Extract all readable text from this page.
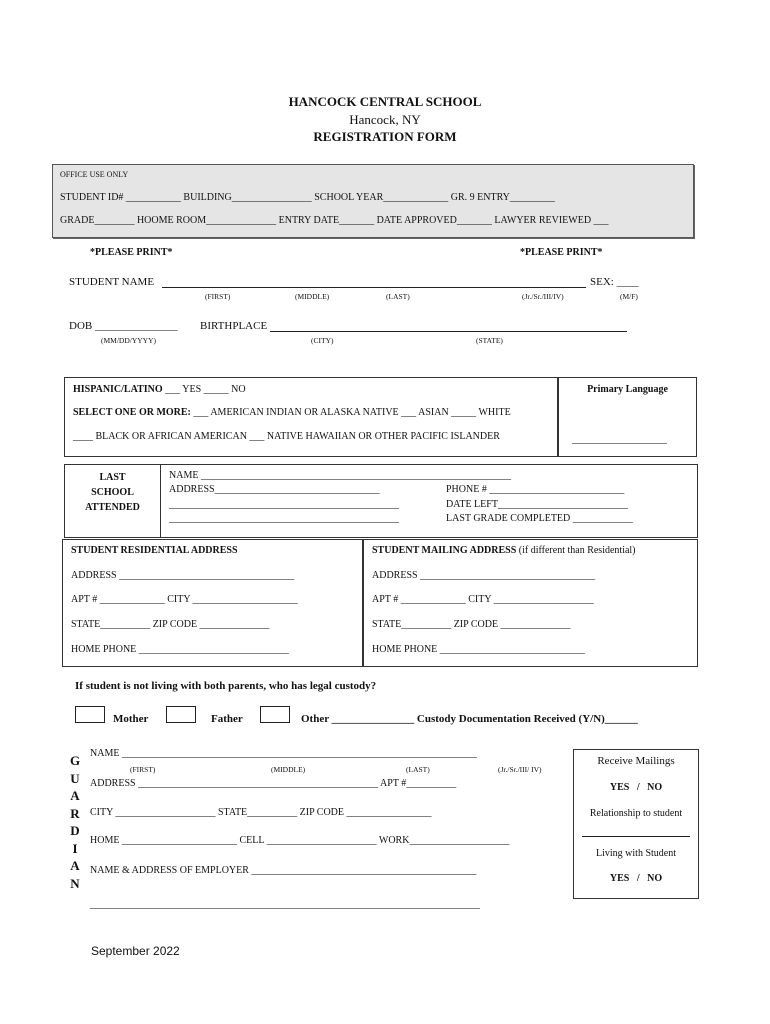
HANCOCK CENTRAL SCHOOL
Hancock, NY
REGISTRATION FORM
OFFICE USE ONLY
STUDENT ID# ___________ BUILDING________________ SCHOOL YEAR_____________ GR. 9 ENTRY_________
GRADE________ HOOME ROOM______________ ENTRY DATE_______ DATE APPROVED_______ LAWYER REVIEWED ___
*PLEASE PRINT*	*PLEASE PRINT*
STUDENT NAME	SEX: ____
(FIRST)	(MIDDLE)	(LAST)	(Jr./Sr./III/IV)	(M/F)
DOB _______________ BIRTHPLACE
(MM/DD/YYYY)	(CITY)	(STATE)
HISPANIC/LATINO ___ YES _____ NO
SELECT ONE OR MORE: ___ AMERICAN INDIAN OR ALASKA NATIVE ___ ASIAN _____ WHITE
____ BLACK OR AFRICAN AMERICAN ___ NATIVE HAWAIIAN OR OTHER PACIFIC ISLANDER
Primary Language
___________________
LAST
SCHOOL
ATTENDED
NAME ______________________________________________________________
ADDRESS_________________________________
______________________________________________
______________________________________________
PHONE # ___________________________
DATE LEFT__________________________
LAST GRADE COMPLETED ____________
STUDENT RESIDENTIAL ADDRESS
ADDRESS ___________________________________
APT # _____________ CITY _____________________
STATE__________ ZIP CODE ______________
HOME PHONE ______________________________
STUDENT MAILING ADDRESS (if different than Residential)
ADDRESS ___________________________________
APT # _____________ CITY ____________________
STATE__________ ZIP CODE ______________
HOME PHONE _____________________________
If student is not living with both parents, who has legal custody?
Mother	Father	Other _______________ Custody Documentation Received (Y/N)______
G
U
A
R
D
I
A
N
NAME _______________________________________________________________________
(FIRST)	(MIDDLE)	(LAST)	(Jr./Sr./III/ IV)
ADDRESS ________________________________________________ APT #__________
CITY ____________________ STATE__________ ZIP CODE _________________
HOME _______________________ CELL ______________________ WORK____________________
NAME & ADDRESS OF EMPLOYER _____________________________________________
______________________________________________________________________________
Receive Mailings
YES   /   NO
Relationship to student
Living with Student
YES   /   NO
September 2022
